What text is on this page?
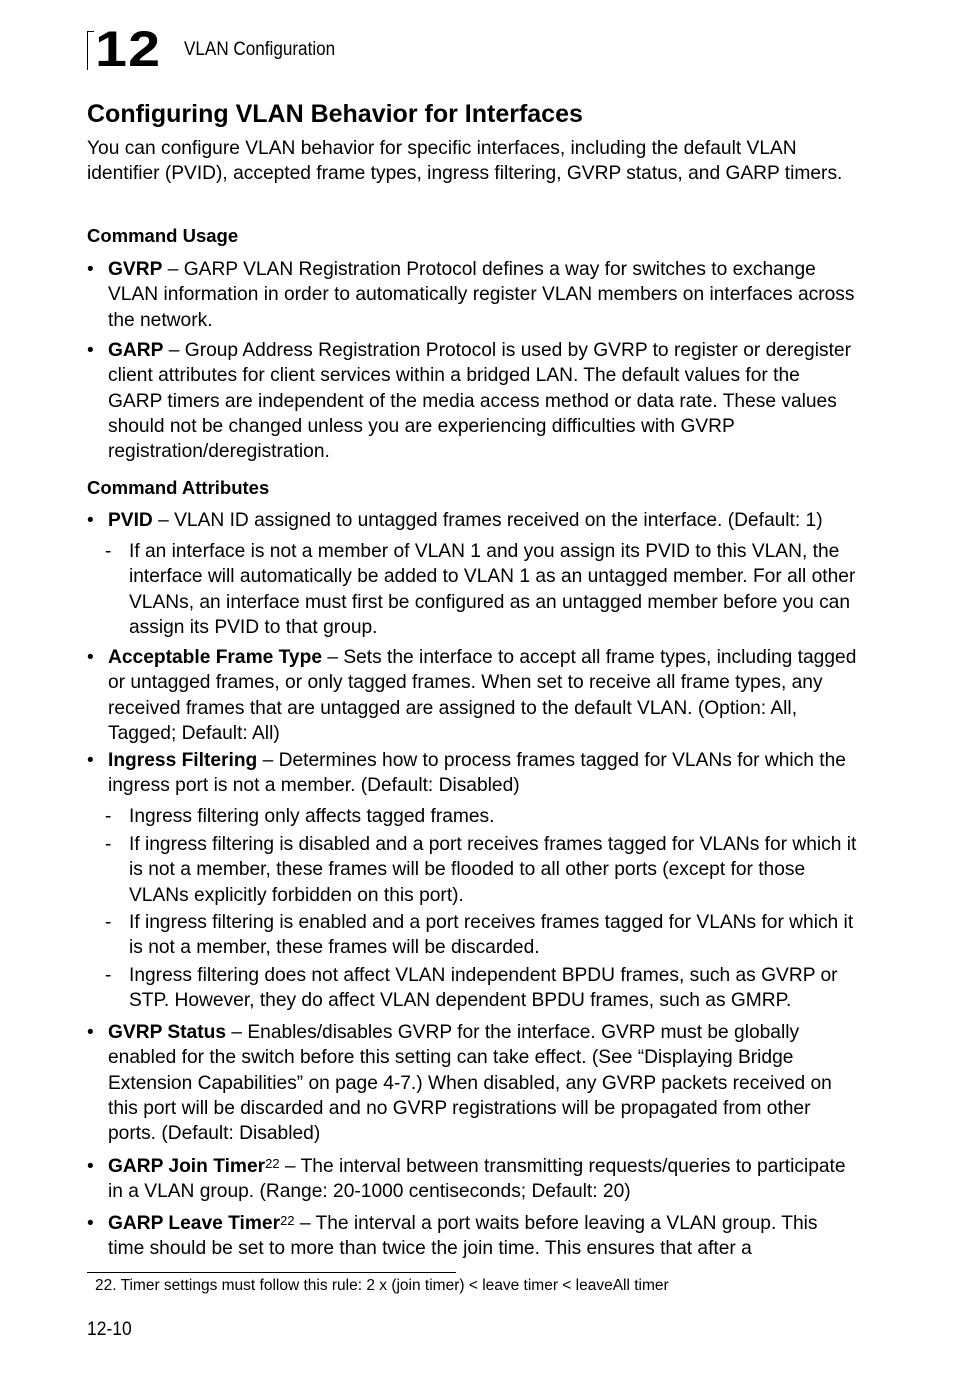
12 VLAN Configuration
Configuring VLAN Behavior for Interfaces

You can configure VLAN behavior for specific interfaces, including the default VLAN identifier (PVID), accepted frame types, ingress filtering, GVRP status, and GARP timers.

Command Usage

• GVRP – GARP VLAN Registration Protocol defines a way for switches to exchange VLAN information in order to automatically register VLAN members on interfaces across the network.
• GARP – Group Address Registration Protocol is used by GVRP to register or deregister client attributes for client services within a bridged LAN. The default values for the GARP timers are independent of the media access method or data rate. These values should not be changed unless you are experiencing difficulties with GVRP registration/deregistration.

Command Attributes

• PVID – VLAN ID assigned to untagged frames received on the interface. (Default: 1)
- If an interface is not a member of VLAN 1 and you assign its PVID to this VLAN, the interface will automatically be added to VLAN 1 as an untagged member. For all other VLANs, an interface must first be configured as an untagged member before you can assign its PVID to that group.
• Acceptable Frame Type – Sets the interface to accept all frame types, including tagged or untagged frames, or only tagged frames. When set to receive all frame types, any received frames that are untagged are assigned to the default VLAN. (Option: All, Tagged; Default: All)
• Ingress Filtering – Determines how to process frames tagged for VLANs for which the ingress port is not a member. (Default: Disabled)
- Ingress filtering only affects tagged frames.
- If ingress filtering is disabled and a port receives frames tagged for VLANs for which it is not a member, these frames will be flooded to all other ports (except for those VLANs explicitly forbidden on this port).
- If ingress filtering is enabled and a port receives frames tagged for VLANs for which it is not a member, these frames will be discarded.
- Ingress filtering does not affect VLAN independent BPDU frames, such as GVRP or STP. However, they do affect VLAN dependent BPDU frames, such as GMRP.
• GVRP Status – Enables/disables GVRP for the interface. GVRP must be globally enabled for the switch before this setting can take effect. (See “Displaying Bridge Extension Capabilities” on page 4-7.) When disabled, any GVRP packets received on this port will be discarded and no GVRP registrations will be propagated from other ports. (Default: Disabled)
• GARP Join Timer$^{22}$ – The interval between transmitting requests/queries to participate in a VLAN group. (Range: 20-1000 centiseconds; Default: 20)
• GARP Leave Timer$^{22}$ – The interval a port waits before leaving a VLAN group. This time should be set to more than twice the join time. This ensures that after a
22. Timer settings must follow this rule: 2 x (join timer) < leave timer < leaveAll timer
12-10
